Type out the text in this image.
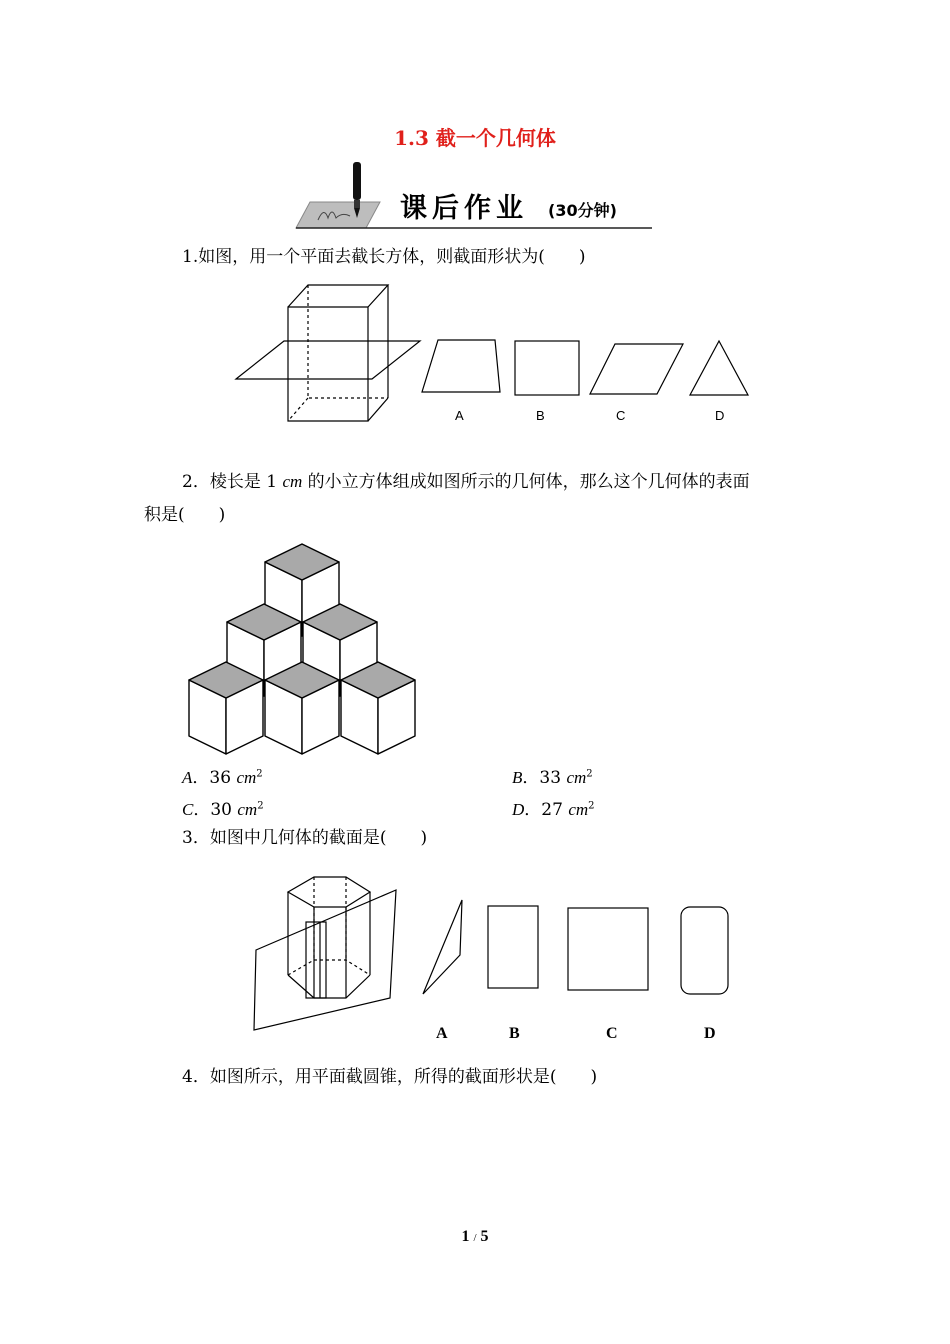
1.3 截一个几何体
课后作业 (30分钟)
1.如图，用一个平面去截长方体，则截面形状为(　　)
A	B	C	D
2．棱长是 1 cm 的小立方体组成如图所示的几何体，那么这个几何体的表面
积是(　　)
A．36 $cm^2$	B．33 $cm^2$
C．30 $cm^2$	D．27 $cm^2$
3．如图中几何体的截面是(　　)
A	B	C	D
4．如图所示，用平面截圆锥，所得的截面形状是(　　)
1 / 5
